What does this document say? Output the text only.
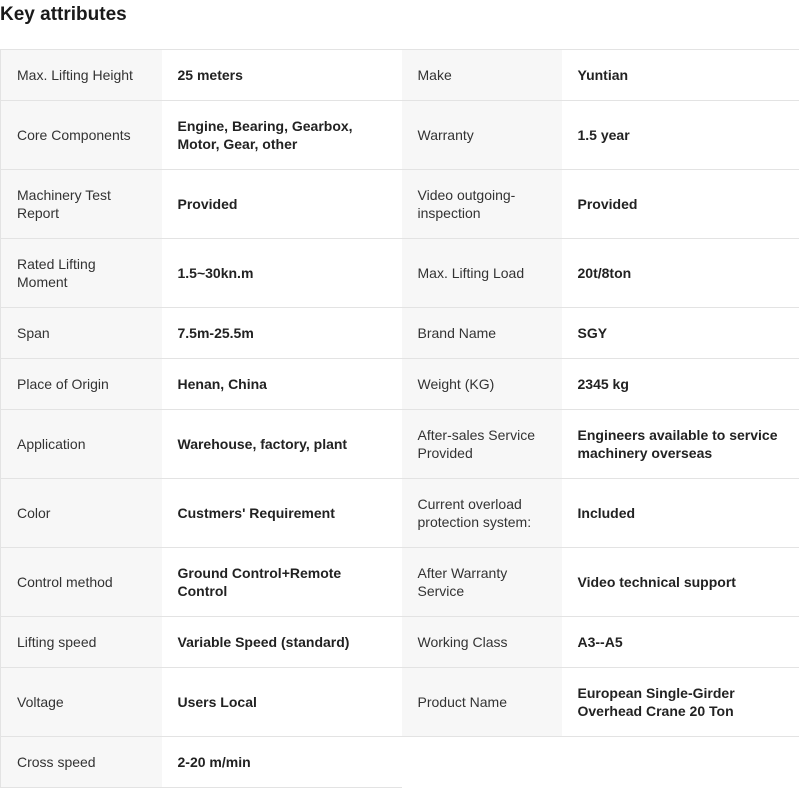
Key attributes
Max. Lifting Height	25 meters	Make	Yuntian
Core Components	Engine, Bearing, Gearbox, Motor, Gear, other	Warranty	1.5 year
Machinery Test Report	Provided	Video outgoing-inspection	Provided
Rated Lifting Moment	1.5~30kn.m	Max. Lifting Load	20t/8ton
Span	7.5m-25.5m	Brand Name	SGY
Place of Origin	Henan, China	Weight (KG)	2345 kg
Application	Warehouse, factory, plant	After-sales Service Provided	Engineers available to service machinery overseas
Color	Custmers' Requirement	Current overload protection system:	Included
Control method	Ground Control+Remote Control	After Warranty Service	Video technical support
Lifting speed	Variable Speed (standard)	Working Class	A3--A5
Voltage	Users Local	Product Name	European Single-Girder Overhead Crane 20 Ton
Cross speed	2-20 m/min		
